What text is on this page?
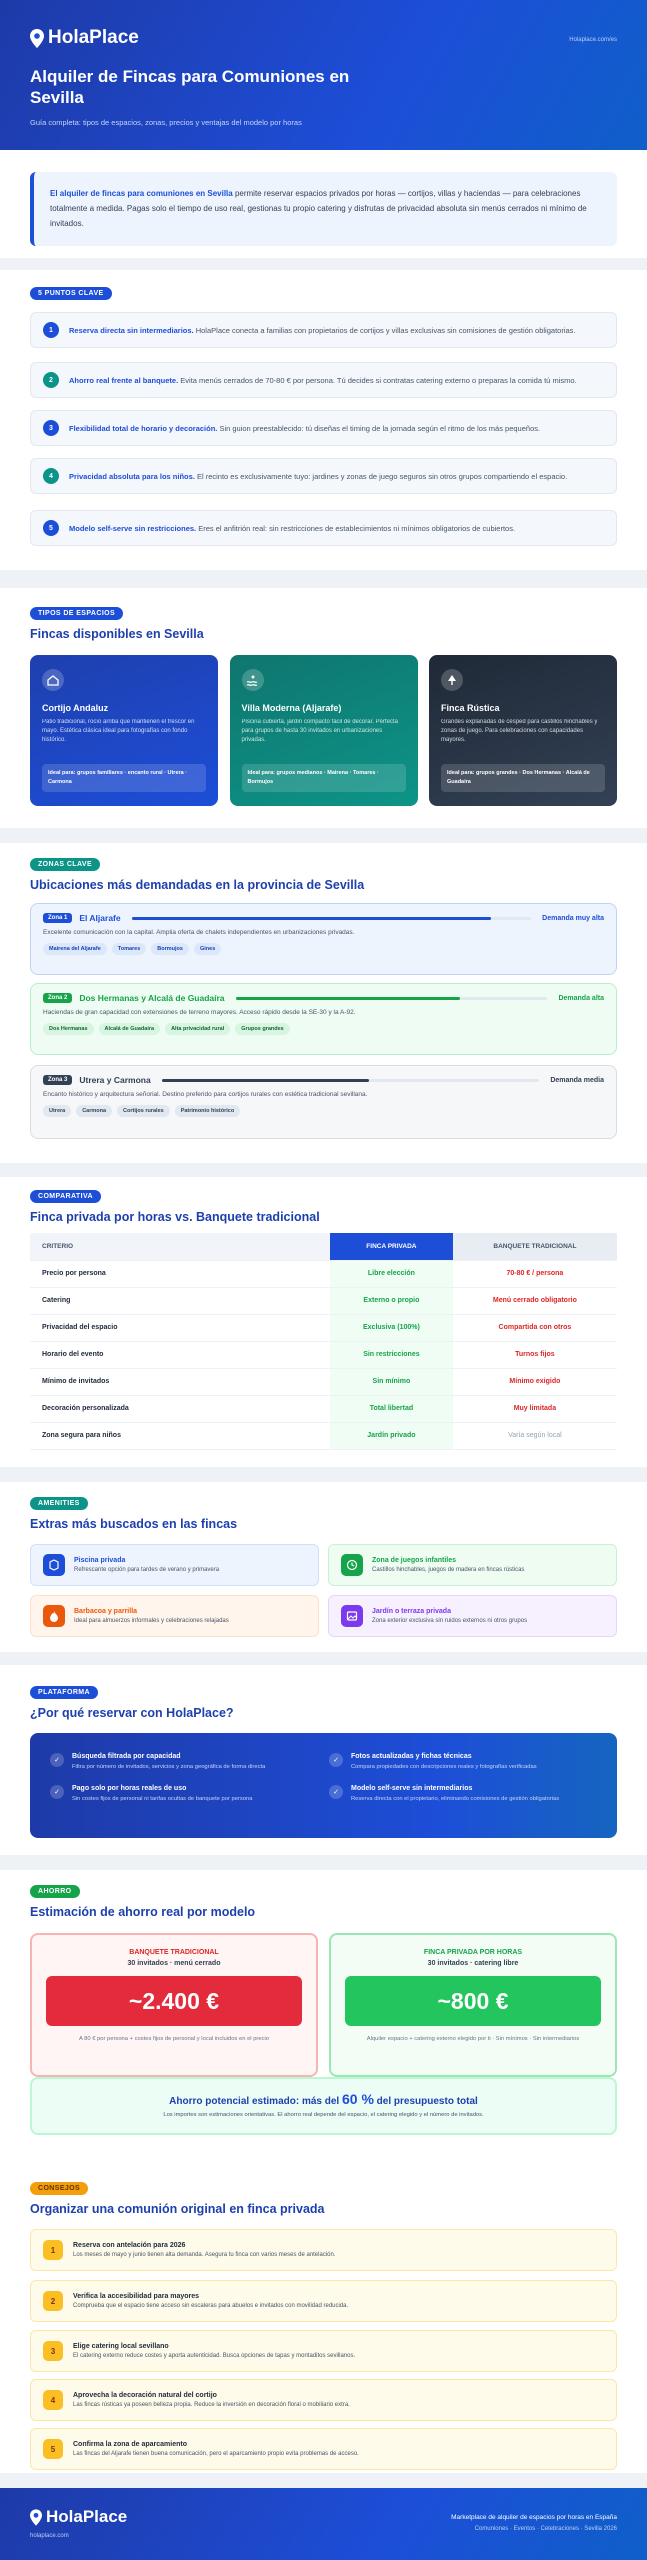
HolaPlace	Holaplace.com/es
Alquiler de Fincas para Comuniones en Sevilla
Guía completa: tipos de espacios, zonas, precios y ventajas del modelo por horas
El alquiler de fincas para comuniones en Sevilla permite reservar espacios privados por horas — cortijos, villas y haciendas — para celebraciones totalmente a medida. Pagas solo el tiempo de uso real, gestionas tu propio catering y disfrutas de privacidad absoluta sin menús cerrados ni mínimo de invitados.
5 PUNTOS CLAVE
1	Reserva directa sin intermediarios. HolaPlace conecta a familias con propietarios de cortijos y villas exclusivas sin comisiones de gestión obligatorias.
2	Ahorro real frente al banquete. Evita menús cerrados de 70-80 € por persona. Tú decides si contratas catering externo o preparas la comida tú mismo.
3	Flexibilidad total de horario y decoración. Sin guion preestablecido: tú diseñas el timing de la jornada según el ritmo de los más pequeños.
4	Privacidad absoluta para los niños. El recinto es exclusivamente tuyo: jardines y zonas de juego seguros sin otros grupos compartiendo el espacio.
5	Modelo self-serve sin restricciones. Eres el anfitrión real: sin restricciones de establecimientos ni mínimos obligatorios de cubiertos.
TIPOS DE ESPACIOS
Fincas disponibles en Sevilla
Cortijo Andaluz
Patio tradicional, rocío arriba que mantienen el frescor en mayo. Estética clásica ideal para fotografías con fondo histórico.
Ideal para: grupos familiares · encanto rural · Utrera · Carmona
Villa Moderna (Aljarafe)
Piscina cubierta, jardín compacto fácil de decorar. Perfecta para grupos de hasta 30 invitados en urbanizaciones privadas.
Ideal para: grupos medianos · Mairena · Tomares · Bormujos
Finca Rústica
Grandes explanadas de césped para castillos hinchables y zonas de juego. Para celebraciones con capacidades mayores.
Ideal para: grupos grandes · Dos Hermanas · Alcalá de Guadaíra
ZONAS CLAVE
Ubicaciones más demandadas en la provincia de Sevilla
Zona 1	El Aljarafe	Demanda muy alta
Excelente comunicación con la capital. Amplia oferta de chalets independientes en urbanizaciones privadas.
Mairena del Aljarafe	Tomares	Bormujos	Gines
Zona 2	Dos Hermanas y Alcalá de Guadaíra	Demanda alta
Haciendas de gran capacidad con extensiones de terreno mayores. Acceso rápido desde la SE-30 y la A-92.
Dos Hermanas	Alcalá de Guadaíra	Alta privacidad rural	Grupos grandes
Zona 3	Utrera y Carmona	Demanda media
Encanto histórico y arquitectura señorial. Destino preferido para cortijos rurales con estética tradicional sevillana.
Utrera	Carmona	Cortijos rurales	Patrimonio histórico
COMPARATIVA
Finca privada por horas vs. Banquete tradicional
CRITERIO	FINCA PRIVADA	BANQUETE TRADICIONAL
Precio por persona	Libre elección	70-80 € / persona
Catering	Externo o propio	Menú cerrado obligatorio
Privacidad del espacio	Exclusiva (100%)	Compartida con otros
Horario del evento	Sin restricciones	Turnos fijos
Mínimo de invitados	Sin mínimo	Mínimo exigido
Decoración personalizada	Total libertad	Muy limitada
Zona segura para niños	Jardín privado	Varía según local
AMENITIES
Extras más buscados en las fincas
Piscina privada
Refrescante opción para tardes de verano y primavera
Zona de juegos infantiles
Castillos hinchables, juegos de madera en fincas rústicas
Barbacoa y parrilla
Ideal para almuerzos informales y celebraciones relajadas
Jardín o terraza privada
Zona exterior exclusiva sin ruidos externos ni otros grupos
PLATAFORMA
¿Por qué reservar con HolaPlace?
✓
Búsqueda filtrada por capacidad
Filtra por número de invitados, servicios y zona geográfica de forma directa
✓
Fotos actualizadas y fichas técnicas
Compara propiedades con descripciones reales y fotografías verificadas
✓
Pago solo por horas reales de uso
Sin costes fijos de personal ni tarifas ocultas de banquete por persona
✓
Modelo self-serve sin intermediarios
Reserva directa con el propietario, eliminando comisiones de gestión obligatorias
AHORRO
Estimación de ahorro real por modelo
BANQUETE TRADICIONAL
30 invitados · menú cerrado
~2.400 €
A 80 € por persona + costes fijos de personal y local incluidos en el precio
FINCA PRIVADA POR HORAS
30 invitados · catering libre
~800 €
Alquiler espacio + catering externo elegido por ti · Sin mínimos · Sin intermediarios
Ahorro potencial estimado: más del 60 % del presupuesto total
Los importes son estimaciones orientativas. El ahorro real depende del espacio, el catering elegido y el número de invitados.
CONSEJOS
Organizar una comunión original en finca privada
1	Reserva con antelación para 2026
Los meses de mayo y junio tienen alta demanda. Asegura tu finca con varios meses de antelación.
2	Verifica la accesibilidad para mayores
Comprueba que el espacio tiene acceso sin escaleras para abuelos e invitados con movilidad reducida.
3	Elige catering local sevillano
El catering externo reduce costes y aporta autenticidad. Busca opciones de tapas y montaditos sevillanos.
4	Aprovecha la decoración natural del cortijo
Las fincas rústicas ya poseen belleza propia. Reduce la inversión en decoración floral o mobiliario extra.
5	Confirma la zona de aparcamiento
Las fincas del Aljarafe tienen buena comunicación, pero el aparcamiento propio evita problemas de acceso.
HolaPlace
holaplace.com
Marketplace de alquiler de espacios por horas en España
Comuniones · Eventos · Celebraciones · Sevilla 2026
